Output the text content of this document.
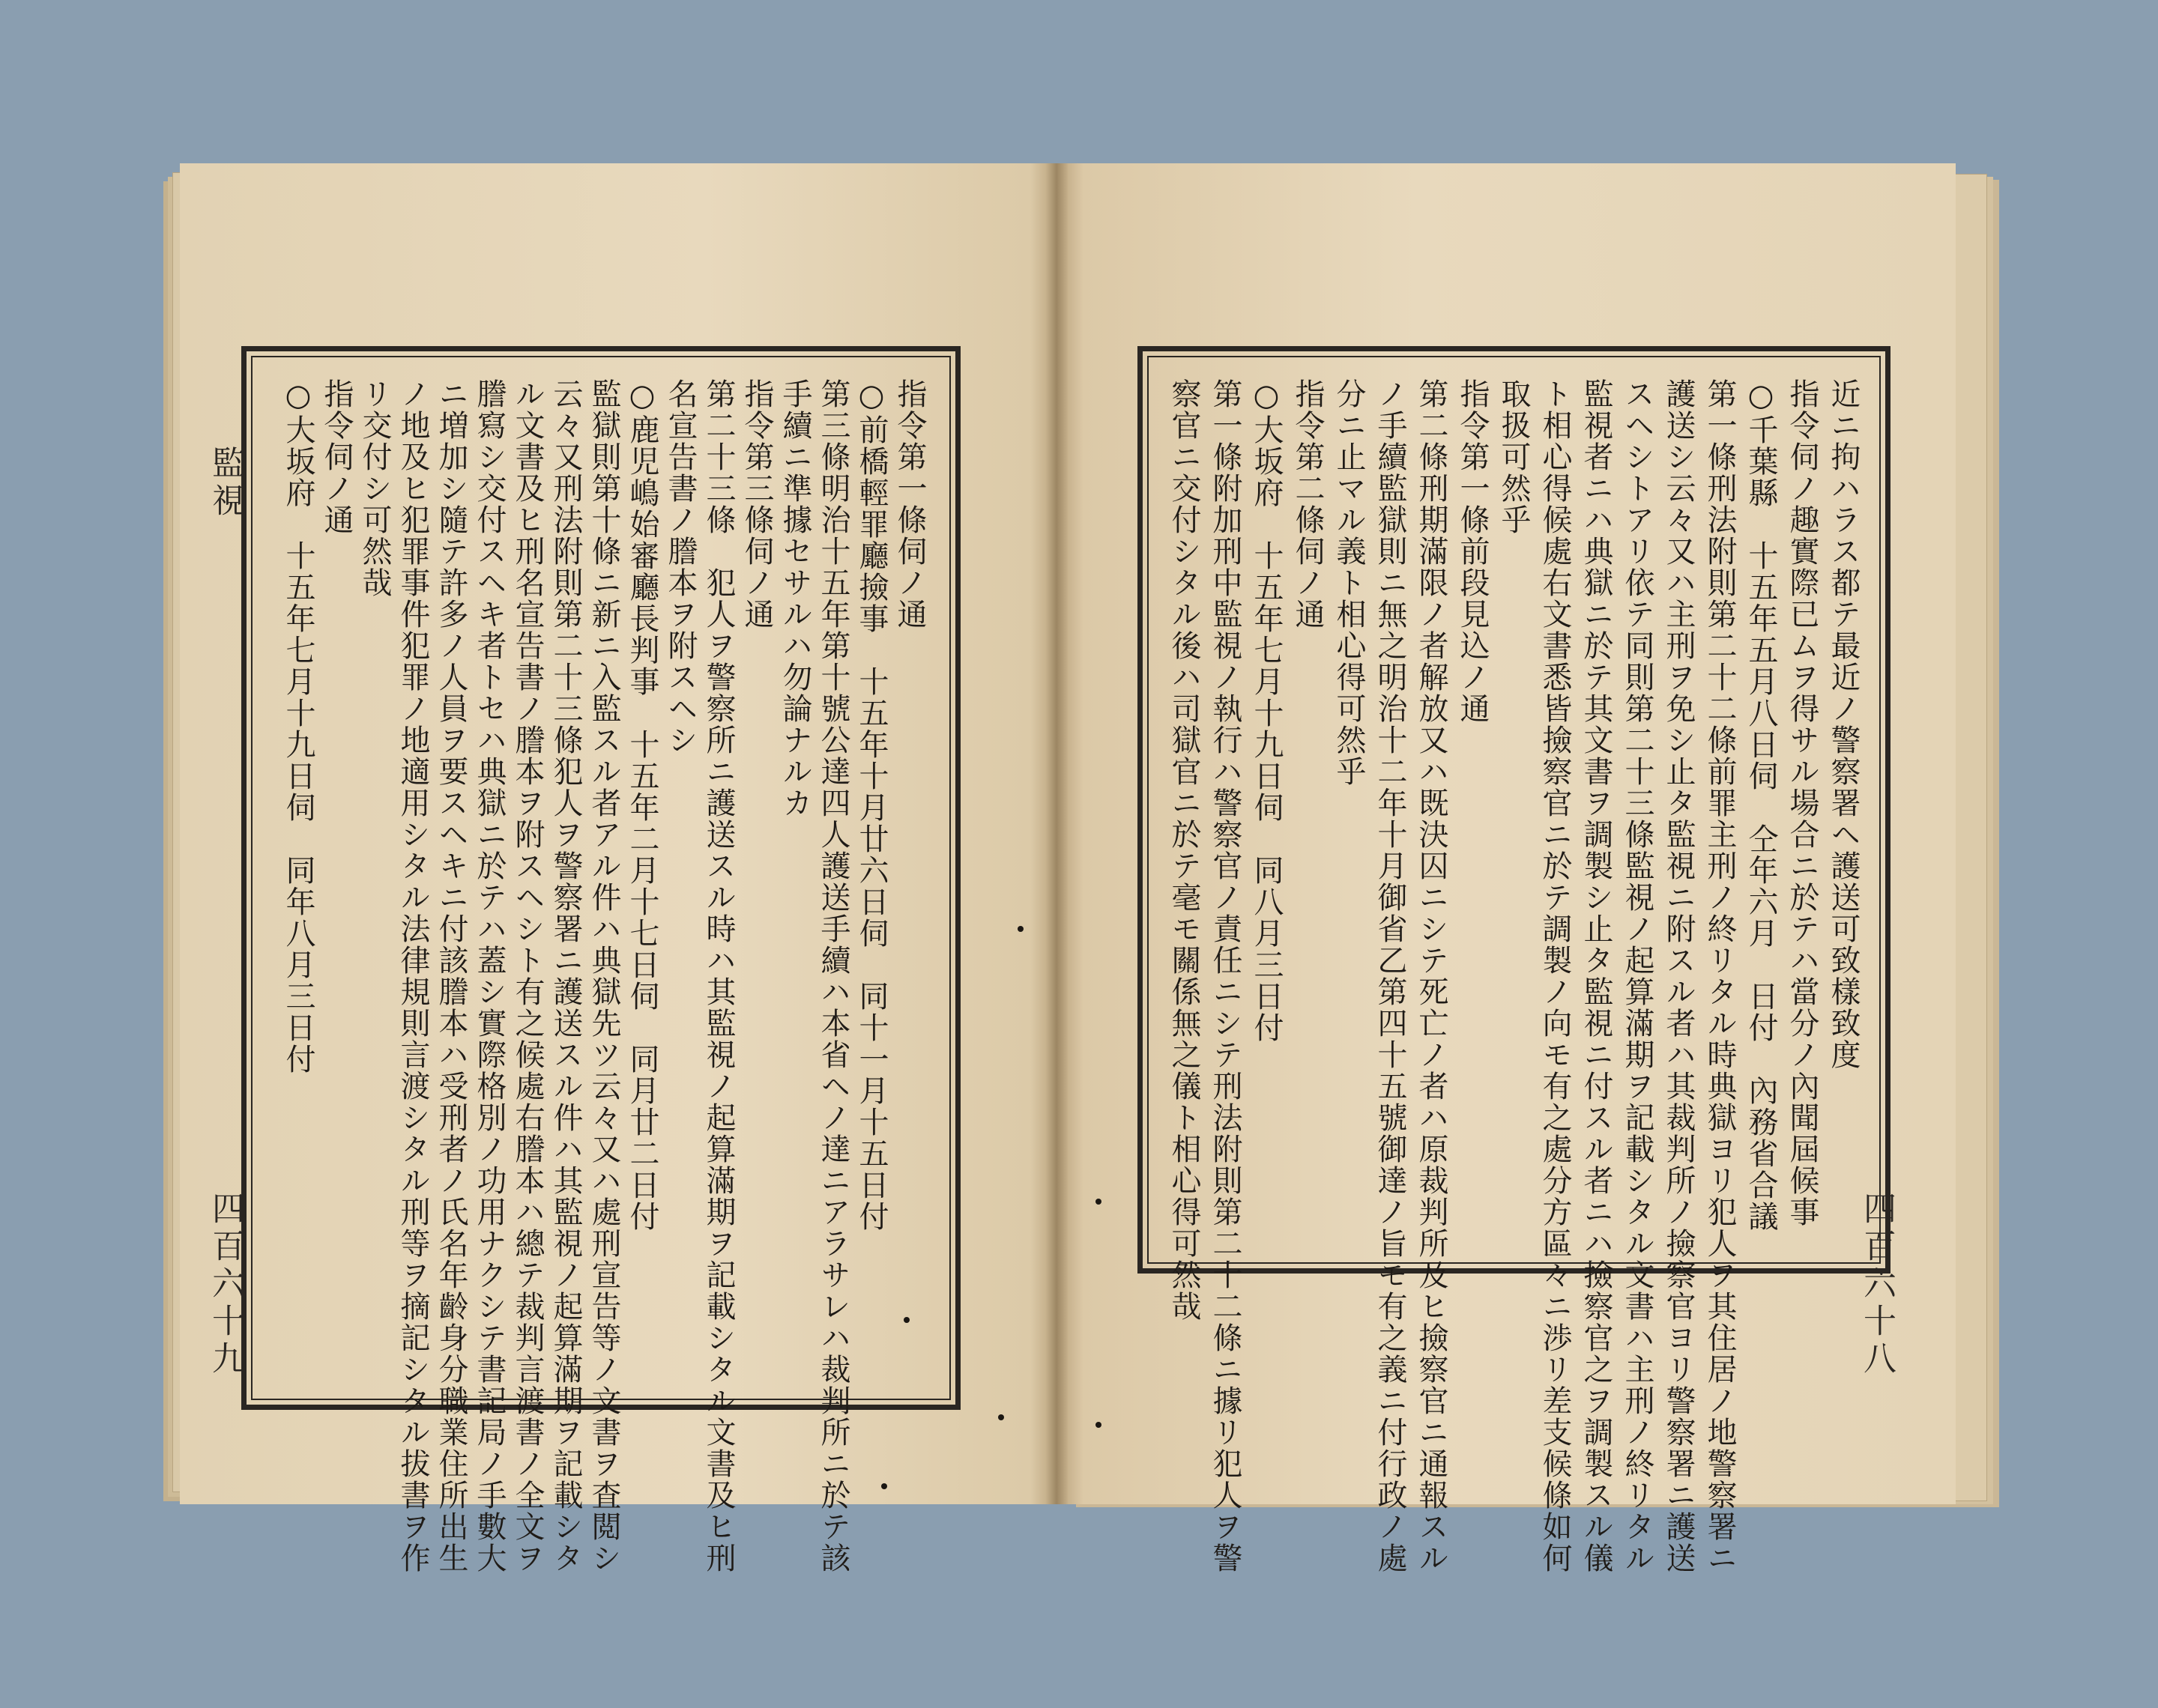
近ニ拘ハラス都テ最近ノ警察署ヘ護送可致樣致度
指令伺ノ趣實際已ムヲ得サル場合ニ於テハ當分ノ內聞屆候事
○千葉縣　十五年五月八日伺　仝年六月　日付　內務省合議
第一條刑法附則第二十二條前罪主刑ノ終リタル時典獄ヨリ犯人ヲ其住居ノ地警察署ニ
護送シ云々又ハ主刑ヲ免シ止タ監視ニ附スル者ハ其裁判所ノ撿察官ヨリ警察署ニ護送
スヘシトアリ依テ同則第二十三條監視ノ起算滿期ヲ記載シタル文書ハ主刑ノ終リタル
監視者ニハ典獄ニ於テ其文書ヲ調製シ止タ監視ニ付スル者ニハ撿察官之ヲ調製スル儀
ト相心得候處右文書悉皆撿察官ニ於テ調製ノ向モ有之處分方區々ニ渉リ差支候條如何
取扱可然乎
指令第一條前段見込ノ通
第二條刑期滿限ノ者解放又ハ既決囚ニシテ死亡ノ者ハ原裁判所及ヒ撿察官ニ通報スル
ノ手續監獄則ニ無之明治十二年十月御省乙第四十五號御達ノ旨モ有之義ニ付行政ノ處
分ニ止マル義ト相心得可然乎
指令第二條伺ノ通
○大坂府　十五年七月十九日伺　同八月三日付
第一條附加刑中監視ノ執行ハ警察官ノ責任ニシテ刑法附則第二十二條ニ據リ犯人ヲ警
察官ニ交付シタル後ハ司獄官ニ於テ毫モ關係無之儀ト相心得可然哉	四百六十八
指令第一條伺ノ通
○前橋輕罪廳撿事　十五年十月廿六日伺　同十一月十五日付
第三條明治十五年第十號公達四人護送手續ハ本省ヘノ達ニアラサレハ裁判所ニ於テ該
手續ニ準據セサルハ勿論ナルカ
指令第三條伺ノ通
第二十三條　犯人ヲ警察所ニ護送スル時ハ其監視ノ起算滿期ヲ記載シタル文書及ヒ刑
名宣告書ノ謄本ヲ附スヘシ
○鹿児嶋始審廳長判事　十五年二月十七日伺　同月廿二日付
監獄則第十條ニ新ニ入監スル者アル件ハ典獄先ツ云々又ハ處刑宣告等ノ文書ヲ査閲シ
云々又刑法附則第二十三條犯人ヲ警察署ニ護送スル件ハ其監視ノ起算滿期ヲ記載シタ
ル文書及ヒ刑名宣告書ノ謄本ヲ附スヘシト有之候處右謄本ハ總テ裁判言渡書ノ全文ヲ
謄寫シ交付スヘキ者トセハ典獄ニ於テハ蓋シ實際格別ノ功用ナクシテ書記局ノ手數大
ニ増加シ隨テ許多ノ人員ヲ要スヘキニ付該謄本ハ受刑者ノ氏名年齡身分職業住所出生
ノ地及ヒ犯罪事件犯罪ノ地適用シタル法律規則言渡シタル刑等ヲ摘記シタル拔書ヲ作
リ交付シ可然哉
指令伺ノ通
○大坂府　十五年七月十九日伺　同年八月三日付
監視
四百六十九
